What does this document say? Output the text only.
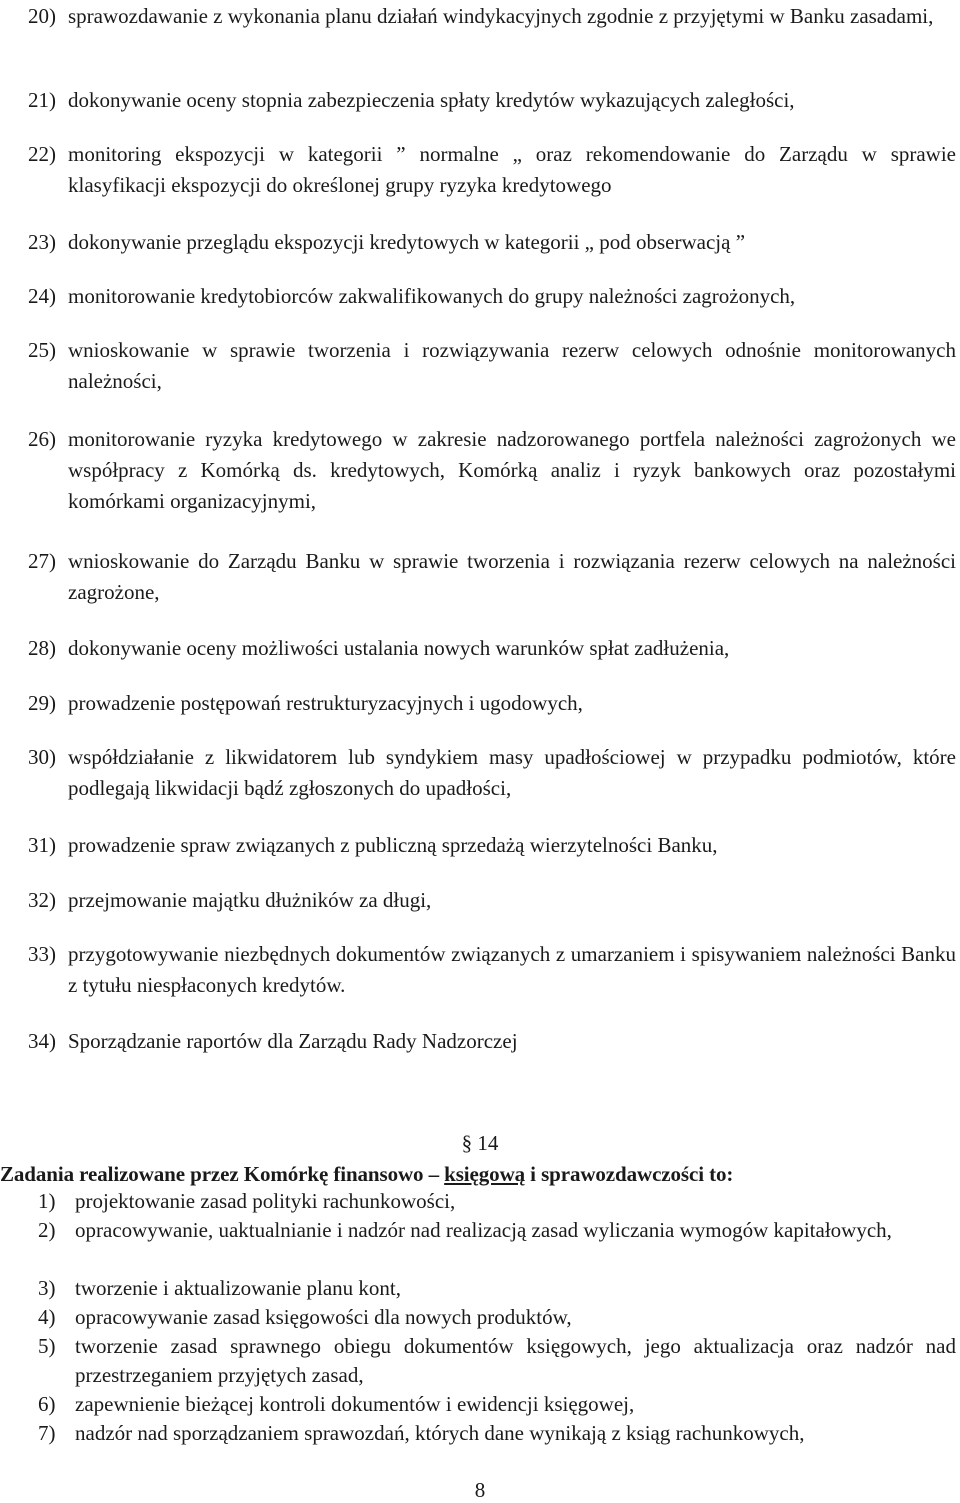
20) sprawozdawanie z wykonania planu działań windykacyjnych zgodnie z przyjętymi w Banku zasadami,
21) dokonywanie oceny stopnia zabezpieczenia spłaty kredytów wykazujących zaległości,
22) monitoring ekspozycji w kategorii ” normalne „ oraz rekomendowanie do Zarządu w sprawie klasyfikacji ekspozycji do określonej grupy ryzyka kredytowego
23) dokonywanie przeglądu ekspozycji kredytowych w kategorii „ pod obserwacją ”
24) monitorowanie kredytobiorców zakwalifikowanych do grupy należności zagrożonych,
25) wnioskowanie w sprawie tworzenia i rozwiązywania rezerw celowych odnośnie monitorowanych należności,
26) monitorowanie ryzyka kredytowego w zakresie nadzorowanego portfela należności zagrożonych we współpracy z Komórką ds. kredytowych, Komórką analiz i ryzyk bankowych oraz pozostałymi komórkami organizacyjnymi,
27) wnioskowanie do Zarządu Banku w sprawie tworzenia i rozwiązania rezerw celowych na należności zagrożone,
28) dokonywanie oceny możliwości ustalania nowych warunków spłat zadłużenia,
29) prowadzenie postępowań restrukturyzacyjnych i ugodowych,
30) współdziałanie z likwidatorem lub syndykiem masy upadłościowej w przypadku podmiotów, które podlegają likwidacji bądź zgłoszonych do upadłości,
31) prowadzenie spraw związanych z publiczną sprzedażą wierzytelności Banku,
32) przejmowanie majątku dłużników za długi,
33) przygotowywanie niezbędnych dokumentów związanych z umarzaniem i spisywaniem należności Banku z tytułu niespłaconych kredytów.
34) Sporządzanie raportów dla Zarządu Rady Nadzorczej
§ 14
Zadania realizowane przez Komórkę finansowo – księgową i sprawozdawczości to:
1) projektowanie zasad polityki rachunkowości,
2) opracowywanie, uaktualnianie i nadzór nad realizacją zasad wyliczania wymogów kapitałowych,
3) tworzenie i aktualizowanie planu kont,
4) opracowywanie zasad księgowości dla nowych produktów,
5) tworzenie zasad sprawnego obiegu dokumentów księgowych, jego aktualizacja oraz nadzór nad przestrzeganiem przyjętych zasad,
6) zapewnienie bieżącej kontroli dokumentów i ewidencji księgowej,
7) nadzór nad sporządzaniem sprawozdań, których dane wynikają z ksiąg rachunkowych,
8
